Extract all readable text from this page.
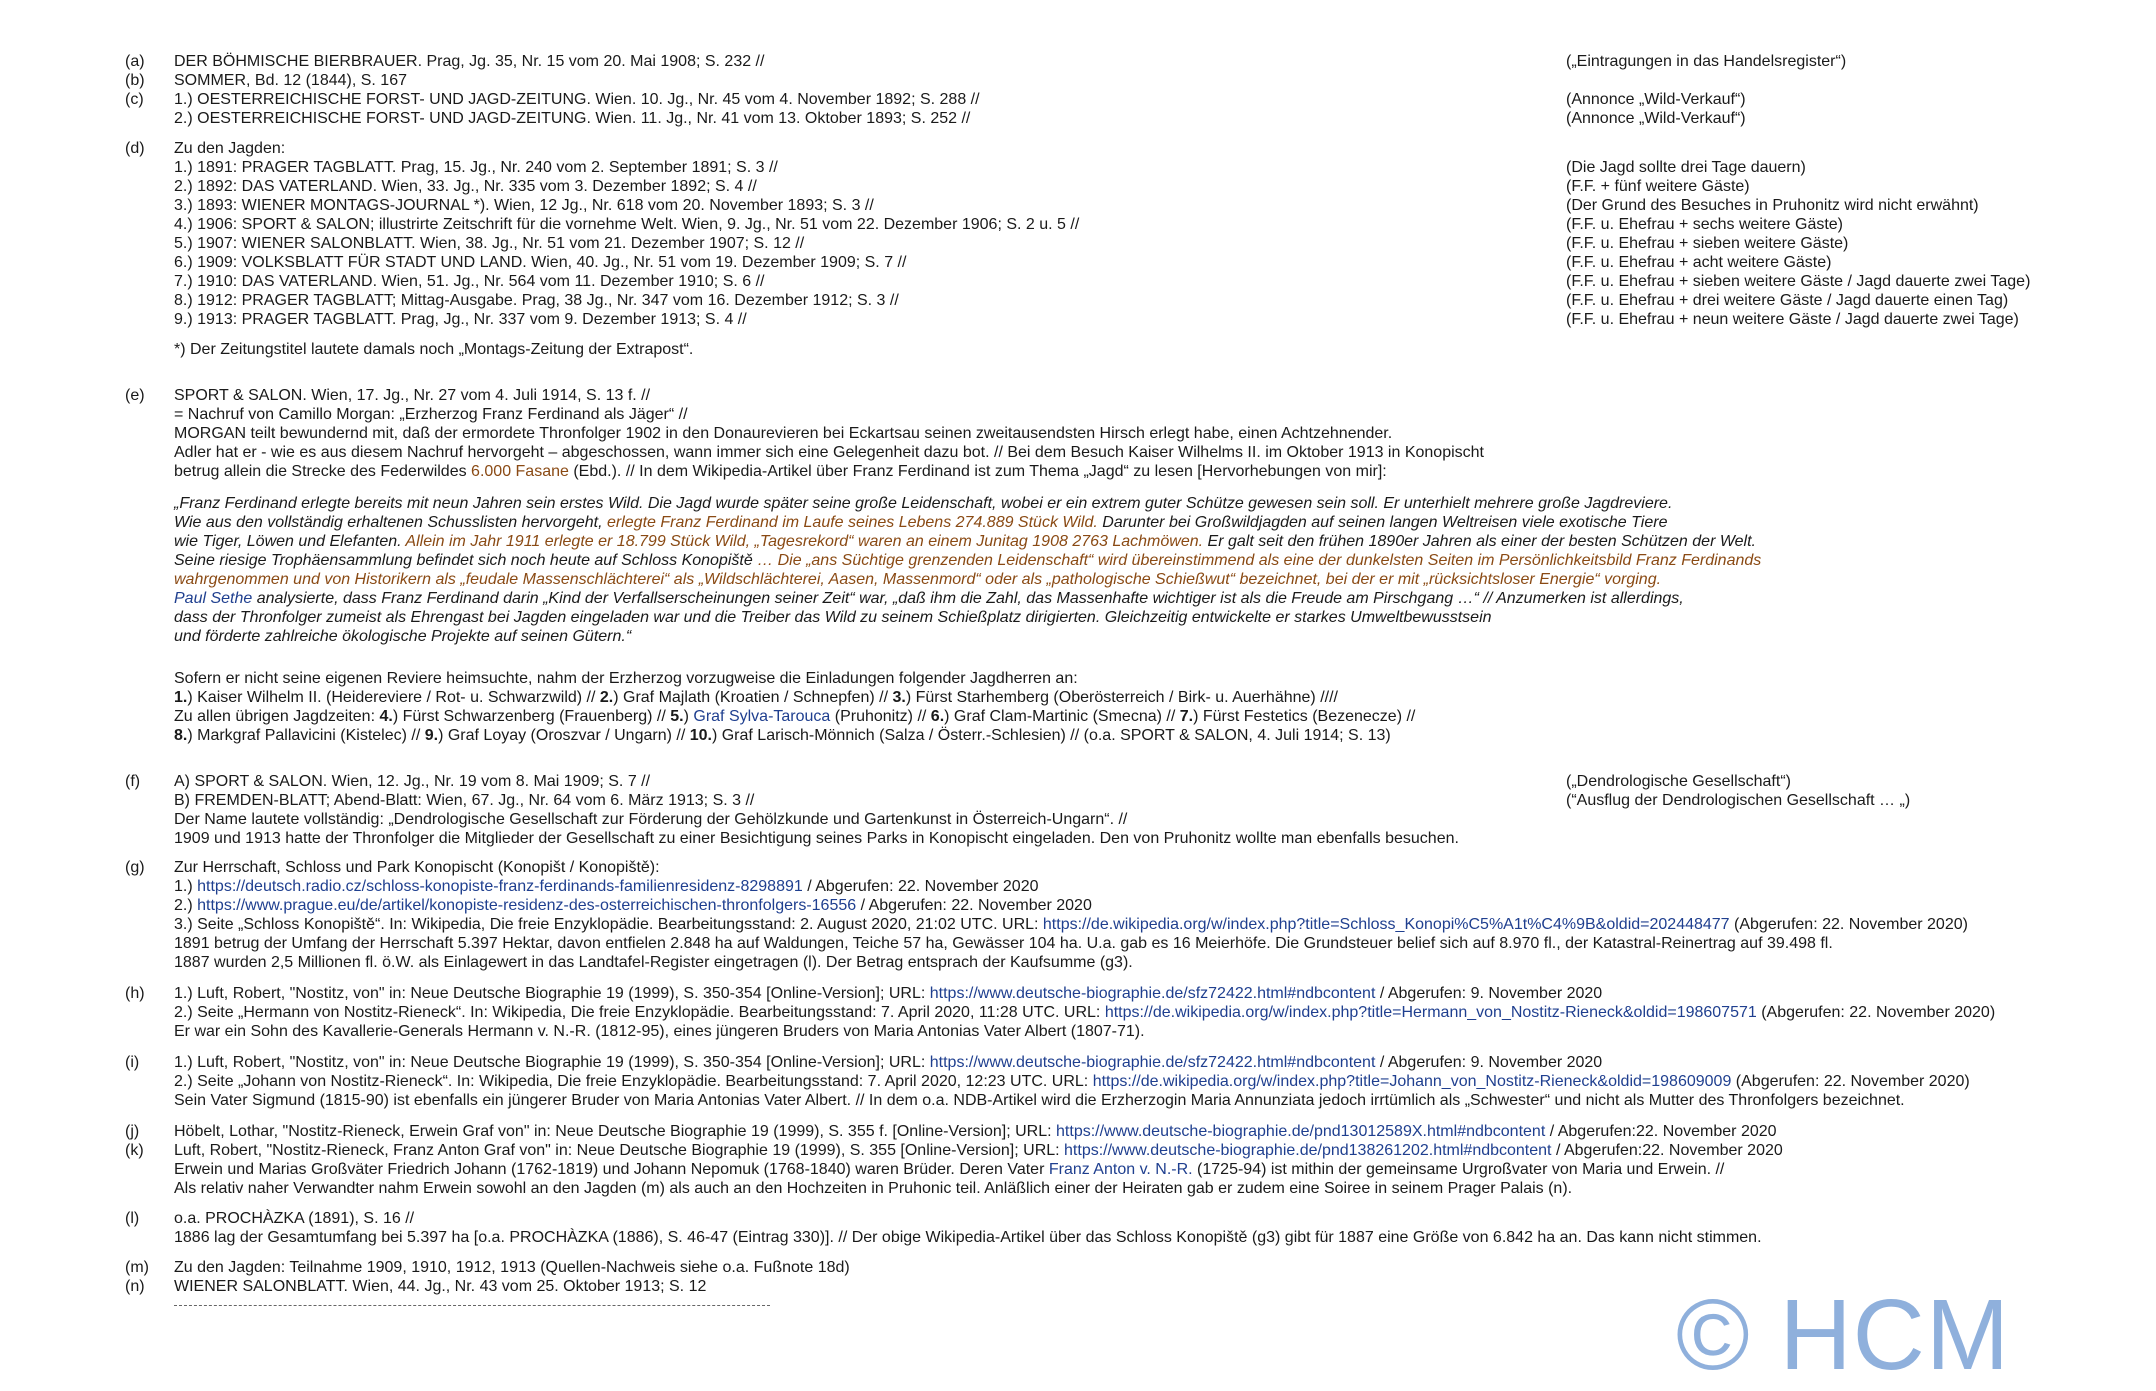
(a) DER BÖHMISCHE BIERBRAUER. Prag, Jg. 35, Nr. 15 vom 20. Mai 1908; S. 232 //	(„Eintragungen in das Handelsregister“)
(b) SOMMER, Bd. 12 (1844), S. 167
(c) 1.) OESTERREICHISCHE FORST- UND JAGD-ZEITUNG. Wien. 10. Jg., Nr. 45 vom 4. November 1892; S. 288 //	(Annonce „Wild-Verkauf“)
2.) OESTERREICHISCHE FORST- UND JAGD-ZEITUNG. Wien. 11. Jg., Nr. 41 vom 13. Oktober 1893; S. 252 //	(Annonce „Wild-Verkauf“)
(d) Zu den Jagden:
1.) 1891: PRAGER TAGBLATT. Prag, 15. Jg., Nr. 240 vom 2. September 1891; S. 3 //	(Die Jagd sollte drei Tage dauern)
2.) 1892: DAS VATERLAND. Wien, 33. Jg., Nr. 335 vom 3. Dezember 1892; S. 4 //	(F.F. + fünf weitere Gäste)
3.) 1893: WIENER MONTAGS-JOURNAL *). Wien, 12 Jg., Nr. 618 vom 20. November 1893; S. 3 //	(Der Grund des Besuches in Pruhonitz wird nicht erwähnt)
4.) 1906: SPORT & SALON; illustrirte Zeitschrift für die vornehme Welt. Wien, 9. Jg., Nr. 51 vom 22. Dezember 1906; S. 2 u. 5 //	(F.F. u. Ehefrau + sechs weitere Gäste)
5.) 1907: WIENER SALONBLATT. Wien, 38. Jg., Nr. 51 vom 21. Dezember 1907; S. 12 //	(F.F. u. Ehefrau + sieben weitere Gäste)
6.) 1909: VOLKSBLATT FÜR STADT UND LAND. Wien, 40. Jg., Nr. 51 vom 19. Dezember 1909; S. 7 //	(F.F. u. Ehefrau + acht weitere Gäste)
7.) 1910: DAS VATERLAND. Wien, 51. Jg., Nr. 564 vom 11. Dezember 1910; S. 6 //	(F.F. u. Ehefrau + sieben weitere Gäste / Jagd dauerte zwei Tage)
8.) 1912: PRAGER TAGBLATT; Mittag-Ausgabe. Prag, 38 Jg., Nr. 347 vom 16. Dezember 1912; S. 3 //	(F.F. u. Ehefrau + drei weitere Gäste / Jagd dauerte einen Tag)
9.) 1913: PRAGER TAGBLATT. Prag, Jg., Nr. 337 vom 9. Dezember 1913; S. 4 //	(F.F. u. Ehefrau + neun weitere Gäste / Jagd dauerte zwei Tage)
*) Der Zeitungstitel lautete damals noch „Montags-Zeitung der Extrapost“.
(e) SPORT & SALON. Wien, 17. Jg., Nr. 27 vom 4. Juli 1914, S. 13 f. //
= Nachruf von Camillo Morgan: „Erzherzog Franz Ferdinand als Jäger“ //
MORGAN teilt bewundernd mit, daß der ermordete Thronfolger 1902 in den Donaurevieren bei Eckartsau seinen zweitausendsten Hirsch erlegt habe, einen Achtzehnender.
Adler hat er - wie es aus diesem Nachruf hervorgeht – abgeschossen, wann immer sich eine Gelegenheit dazu bot. // Bei dem Besuch Kaiser Wilhelms II. im Oktober 1913 in Konopischt
betrug allein die Strecke des Federwildes 6.000 Fasane (Ebd.). // In dem Wikipedia-Artikel über Franz Ferdinand ist zum Thema „Jagd“ zu lesen [Hervorhebungen von mir]:
„Franz Ferdinand erlegte bereits mit neun Jahren sein erstes Wild. Die Jagd wurde später seine große Leidenschaft, wobei er ein extrem guter Schütze gewesen sein soll. Er unterhielt mehrere große Jagdreviere.
Wie aus den vollständig erhaltenen Schusslisten hervorgeht, erlegte Franz Ferdinand im Laufe seines Lebens 274.889 Stück Wild. Darunter bei Großwildjagden auf seinen langen Weltreisen viele exotische Tiere
wie Tiger, Löwen und Elefanten. Allein im Jahr 1911 erlegte er 18.799 Stück Wild, „Tagesrekord“ waren an einem Junitag 1908 2763 Lachmöwen. Er galt seit den frühen 1890er Jahren als einer der besten Schützen der Welt.
Seine riesige Trophäensammlung befindet sich noch heute auf Schloss Konopiště … Die „ans Süchtige grenzenden Leidenschaft“ wird übereinstimmend als eine der dunkelsten Seiten im Persönlichkeitsbild Franz Ferdinands
wahrgenommen und von Historikern als „feudale Massenschlächterei“ als „Wildschlächterei, Aasen, Massenmord“ oder als „pathologische Schießwut“ bezeichnet, bei der er mit „rücksichtsloser Energie“ vorging.
Paul Sethe analysierte, dass Franz Ferdinand darin „Kind der Verfallserscheinungen seiner Zeit“ war, „daß ihm die Zahl, das Massenhafte wichtiger ist als die Freude am Pirschgang …“ // Anzumerken ist allerdings,
dass der Thronfolger zumeist als Ehrengast bei Jagden eingeladen war und die Treiber das Wild zu seinem Schießplatz dirigierten. Gleichzeitig entwickelte er starkes Umweltbewusstsein
und förderte zahlreiche ökologische Projekte auf seinen Gütern.“
Sofern er nicht seine eigenen Reviere heimsuchte, nahm der Erzherzog vorzugweise die Einladungen folgender Jagdherren an:
1.) Kaiser Wilhelm II. (Heidereviere / Rot- u. Schwarzwild) // 2.) Graf Majlath (Kroatien / Schnepfen) // 3.) Fürst Starhemberg (Oberösterreich / Birk- u. Auerhähne) ////
Zu allen übrigen Jagdzeiten: 4.) Fürst Schwarzenberg (Frauenberg) // 5.) Graf Sylva-Tarouca (Pruhonitz) // 6.) Graf Clam-Martinic (Smecna) // 7.) Fürst Festetics (Bezenecze) //
8.) Markgraf Pallavicini (Kistelec) // 9.) Graf Loyay (Oroszvar / Ungarn) // 10.) Graf Larisch-Mönnich (Salza / Österr.-Schlesien) // (o.a. SPORT & SALON, 4. Juli 1914; S. 13)
(f) A) SPORT & SALON. Wien, 12. Jg., Nr. 19 vom 8. Mai 1909; S. 7 //	(„Dendrologische Gesellschaft“)
B) FREMDEN-BLATT; Abend-Blatt: Wien, 67. Jg., Nr. 64 vom 6. März 1913; S. 3 //	(“Ausflug der Dendrologischen Gesellschaft … „)
Der Name lautete vollständig: „Dendrologische Gesellschaft zur Förderung der Gehölzkunde und Gartenkunst in Österreich-Ungarn“. //
1909 und 1913 hatte der Thronfolger die Mitglieder der Gesellschaft zu einer Besichtigung seines Parks in Konopischt eingeladen. Den von Pruhonitz wollte man ebenfalls besuchen.
(g) Zur Herrschaft, Schloss und Park Konopischt (Konopišt / Konopiště):
1.) https://deutsch.radio.cz/schloss-konopiste-franz-ferdinands-familienresidenz-8298891 / Abgerufen: 22. November 2020
2.) https://www.prague.eu/de/artikel/konopiste-residenz-des-osterreichischen-thronfolgers-16556 / Abgerufen: 22. November 2020
3.) Seite „Schloss Konopiště“. In: Wikipedia, Die freie Enzyklopädie. Bearbeitungsstand: 2. August 2020, 21:02 UTC. URL: https://de.wikipedia.org/w/index.php?title=Schloss_Konopi%C5%A1t%C4%9B&oldid=202448477 (Abgerufen: 22. November 2020)
1891 betrug der Umfang der Herrschaft 5.397 Hektar, davon entfielen 2.848 ha auf Waldungen, Teiche 57 ha, Gewässer 104 ha. U.a. gab es 16 Meierhöfe. Die Grundsteuer belief sich auf 8.970 fl., der Katastral-Reinertrag auf 39.498 fl.
1887 wurden 2,5 Millionen fl. ö.W. als Einlagewert in das Landtafel-Register eingetragen (l). Der Betrag entsprach der Kaufsumme (g3).
(h) 1.) Luft, Robert, "Nostitz, von" in: Neue Deutsche Biographie 19 (1999), S. 350-354 [Online-Version]; URL: https://www.deutsche-biographie.de/sfz72422.html#ndbcontent / Abgerufen: 9. November 2020
2.) Seite „Hermann von Nostitz-Rieneck“. In: Wikipedia, Die freie Enzyklopädie. Bearbeitungsstand: 7. April 2020, 11:28 UTC. URL: https://de.wikipedia.org/w/index.php?title=Hermann_von_Nostitz-Rieneck&oldid=198607571 (Abgerufen: 22. November 2020)
Er war ein Sohn des Kavallerie-Generals Hermann v. N.-R. (1812-95), eines jüngeren Bruders von Maria Antonias Vater Albert (1807-71).
(i) 1.) Luft, Robert, "Nostitz, von" in: Neue Deutsche Biographie 19 (1999), S. 350-354 [Online-Version]; URL: https://www.deutsche-biographie.de/sfz72422.html#ndbcontent / Abgerufen: 9. November 2020
2.) Seite „Johann von Nostitz-Rieneck“. In: Wikipedia, Die freie Enzyklopädie. Bearbeitungsstand: 7. April 2020, 12:23 UTC. URL: https://de.wikipedia.org/w/index.php?title=Johann_von_Nostitz-Rieneck&oldid=198609009 (Abgerufen: 22. November 2020)
Sein Vater Sigmund (1815-90) ist ebenfalls ein jüngerer Bruder von Maria Antonias Vater Albert. // In dem o.a. NDB-Artikel wird die Erzherzogin Maria Annunziata jedoch irrtümlich als „Schwester“ und nicht als Mutter des Thronfolgers bezeichnet.
(j) Höbelt, Lothar, "Nostitz-Rieneck, Erwein Graf von" in: Neue Deutsche Biographie 19 (1999), S. 355 f. [Online-Version]; URL: https://www.deutsche-biographie.de/pnd13012589X.html#ndbcontent / Abgerufen:22. November 2020
(k) Luft, Robert, "Nostitz-Rieneck, Franz Anton Graf von" in: Neue Deutsche Biographie 19 (1999), S. 355 [Online-Version]; URL: https://www.deutsche-biographie.de/pnd138261202.html#ndbcontent / Abgerufen:22. November 2020
Erwein und Marias Großväter Friedrich Johann (1762-1819) und Johann Nepomuk (1768-1840) waren Brüder. Deren Vater Franz Anton v. N.-R. (1725-94) ist mithin der gemeinsame Urgroßvater von Maria und Erwein. //
Als relativ naher Verwandter nahm Erwein sowohl an den Jagden (m) als auch an den Hochzeiten in Pruhonic teil. Anläßlich einer der Heiraten gab er zudem eine Soiree in seinem Prager Palais (n).
(l) o.a. PROCHÀZKA (1891), S. 16 //
1886 lag der Gesamtumfang bei 5.397 ha [o.a. PROCHÀZKA (1886), S. 46-47 (Eintrag 330)]. // Der obige Wikipedia-Artikel über das Schloss Konopiště (g3) gibt für 1887 eine Größe von 6.842 ha an. Das kann nicht stimmen.
(m) Zu den Jagden: Teilnahme 1909, 1910, 1912, 1913 (Quellen-Nachweis siehe o.a. Fußnote 18d)
(n) WIENER SALONBLATT. Wien, 44. Jg., Nr. 43 vom 25. Oktober 1913; S. 12	© HCM
